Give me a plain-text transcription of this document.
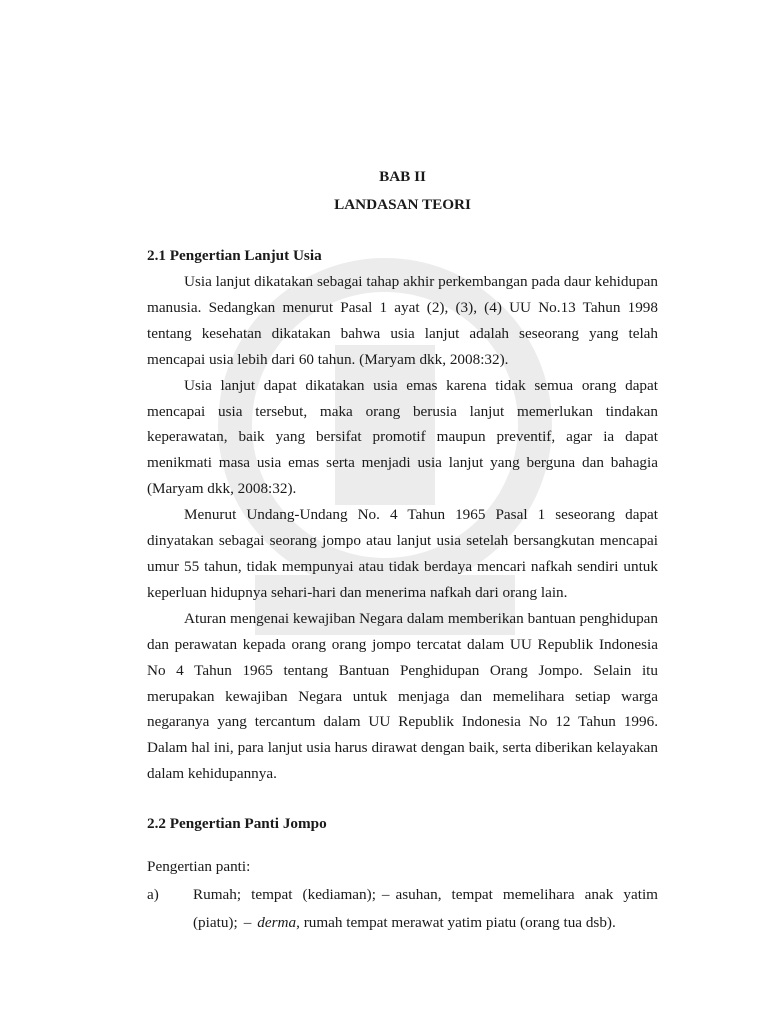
BAB II
LANDASAN TEORI
2.1 Pengertian Lanjut Usia

Usia lanjut dikatakan sebagai tahap akhir perkembangan pada daur kehidupan manusia. Sedangkan menurut Pasal 1 ayat (2), (3), (4) UU No.13 Tahun 1998 tentang kesehatan dikatakan bahwa usia lanjut adalah seseorang yang telah mencapai usia lebih dari 60 tahun. (Maryam dkk, 2008:32).

Usia lanjut dapat dikatakan usia emas karena tidak semua orang dapat mencapai usia tersebut, maka orang berusia lanjut memerlukan tindakan keperawatan, baik yang bersifat promotif maupun preventif, agar ia dapat menikmati masa usia emas serta menjadi usia lanjut yang berguna dan bahagia (Maryam dkk, 2008:32).

Menurut Undang-Undang No. 4 Tahun 1965 Pasal 1 seseorang dapat dinyatakan sebagai seorang jompo atau lanjut usia setelah bersangkutan mencapai umur 55 tahun, tidak mempunyai atau tidak berdaya mencari nafkah sendiri untuk keperluan hidupnya sehari-hari dan menerima nafkah dari orang lain.

Aturan mengenai kewajiban Negara dalam memberikan bantuan penghidupan dan perawatan kepada orang orang jompo tercatat dalam UU Republik Indonesia No 4 Tahun 1965 tentang Bantuan Penghidupan Orang Jompo. Selain itu merupakan kewajiban Negara untuk menjaga dan memelihara setiap warga negaranya yang tercantum dalam UU Republik Indonesia No 12 Tahun 1996. Dalam hal ini, para lanjut usia harus dirawat dengan baik, serta diberikan kelayakan dalam kehidupannya.

2.2 Pengertian Panti Jompo

Pengertian panti:

a) Rumah; tempat (kediaman); – asuhan, tempat memelihara anak yatim (piatu); – derma, rumah tempat merawat yatim piatu (orang tua dsb).
